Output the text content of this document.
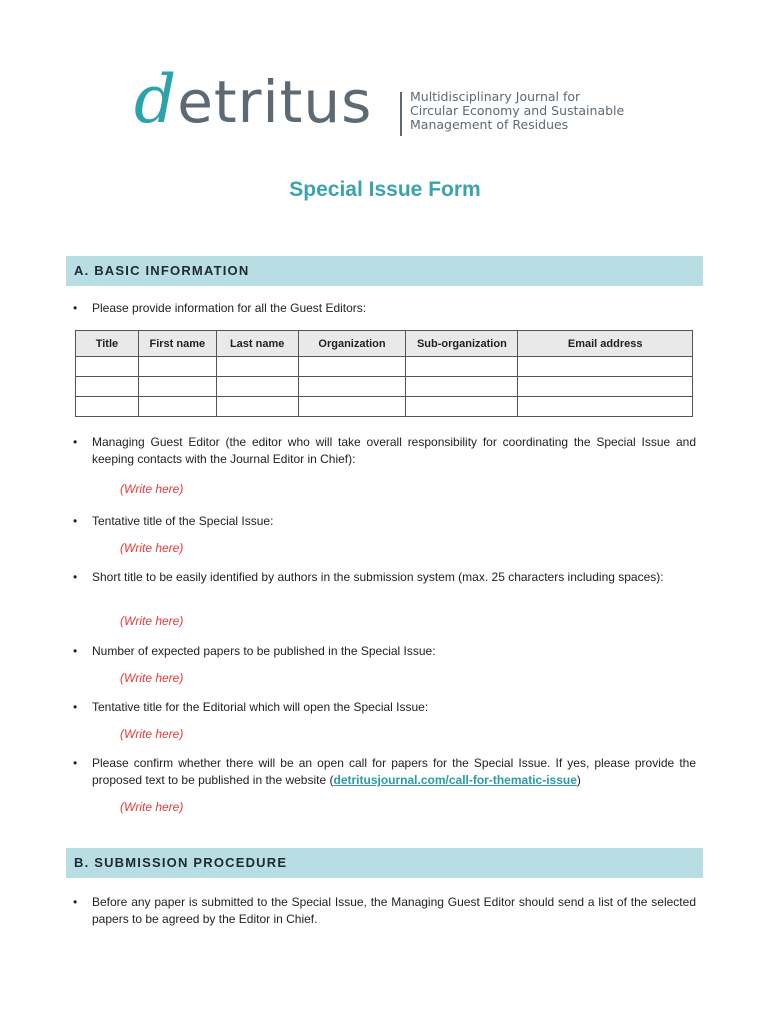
detritus	Multidisciplinary Journal for
Circular Economy and Sustainable
Management of Residues
Special Issue Form
A. BASIC INFORMATION
• Please provide information for all the Guest Editors:
Title	First name	Last name	Organization	Sub-organization	Email address

• Managing Guest Editor (the editor who will take overall responsibility for coordinating the Special Issue and keeping contacts with the Journal Editor in Chief):
(Write here)
• Tentative title of the Special Issue:
(Write here)
• Short title to be easily identified by authors in the submission system (max. 25 characters including spaces):
(Write here)
• Number of expected papers to be published in the Special Issue:
(Write here)
• Tentative title for the Editorial which will open the Special Issue:
(Write here)
• Please confirm whether there will be an open call for papers for the Special Issue. If yes, please provide the proposed text to be published in the website (detritusjournal.com/call-for-thematic-issue)
(Write here)
B. SUBMISSION PROCEDURE
• Before any paper is submitted to the Special Issue, the Managing Guest Editor should send a list of the selected papers to be agreed by the Editor in Chief.
